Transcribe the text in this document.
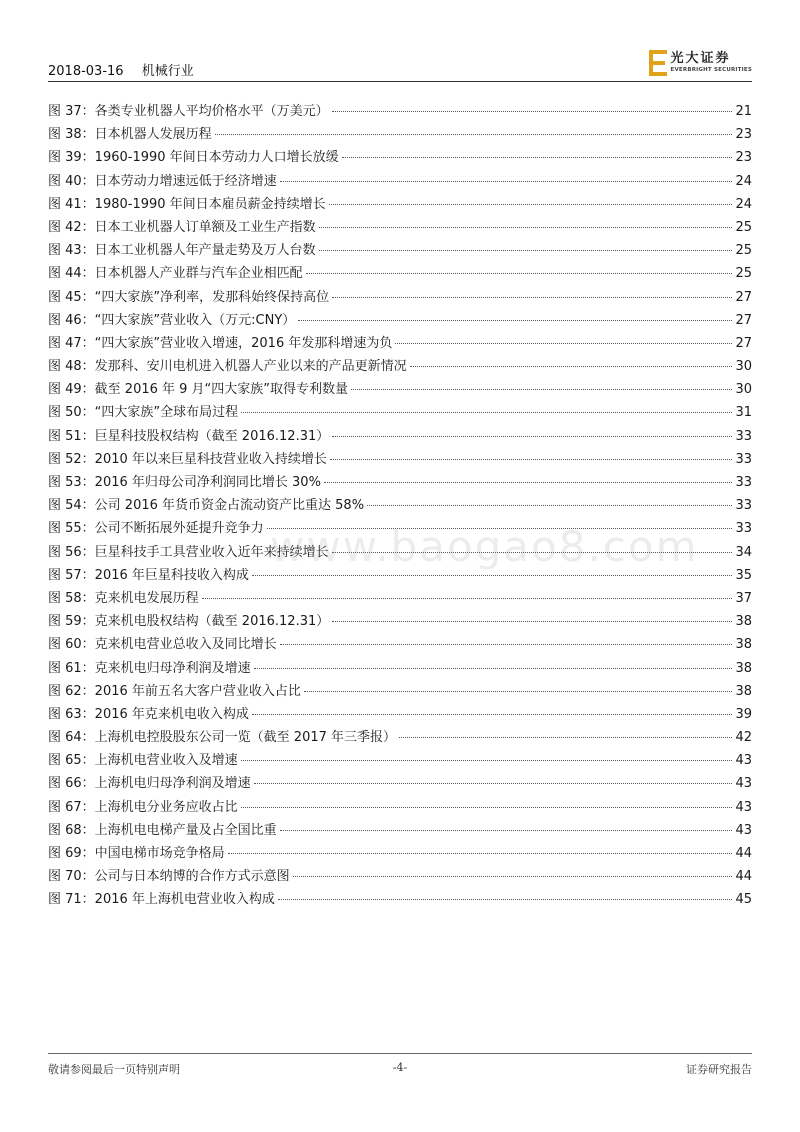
2018-03-16 机械行业
光大证券
EVERBRIGHT SECURITIES
图 37：各类专业机器人平均价格水平（万美元）	21
图 38：日本机器人发展历程	23
图 39：1960-1990 年间日本劳动力人口增长放缓	23
图 40：日本劳动力增速远低于经济增速	24
图 41：1980-1990 年间日本雇员薪金持续增长	24
图 42：日本工业机器人订单额及工业生产指数	25
图 43：日本工业机器人年产量走势及万人台数	25
图 44：日本机器人产业群与汽车企业相匹配	25
图 45：“四大家族”净利率，发那科始终保持高位	27
图 46：“四大家族”营业收入（万元:CNY）	27
图 47：“四大家族”营业收入增速，2016 年发那科增速为负	27
图 48：发那科、安川电机进入机器人产业以来的产品更新情况	30
图 49：截至 2016 年 9 月“四大家族”取得专利数量	30
图 50：“四大家族”全球布局过程	31
图 51：巨星科技股权结构（截至 2016.12.31）	33
图 52：2010 年以来巨星科技营业收入持续增长	33
图 53：2016 年归母公司净利润同比增长 30%	33
图 54：公司 2016 年货币资金占流动资产比重达 58%	33
图 55：公司不断拓展外延提升竞争力	33
图 56：巨星科技手工具营业收入近年来持续增长	34
图 57：2016 年巨星科技收入构成	35
图 58：克来机电发展历程	37
图 59：克来机电股权结构（截至 2016.12.31）	38
图 60：克来机电营业总收入及同比增长	38
图 61：克来机电归母净利润及增速	38
图 62：2016 年前五名大客户营业收入占比	38
图 63：2016 年克来机电收入构成	39
图 64：上海机电控股股东公司一览（截至 2017 年三季报）	42
图 65：上海机电营业收入及增速	43
图 66：上海机电归母净利润及增速	43
图 67：上海机电分业务应收占比	43
图 68：上海机电电梯产量及占全国比重	43
图 69：中国电梯市场竞争格局	44
图 70：公司与日本纳博的合作方式示意图	44
图 71：2016 年上海机电营业收入构成	45
www.baogao8.com
敬请参阅最后一页特别声明	-4-	证券研究报告
